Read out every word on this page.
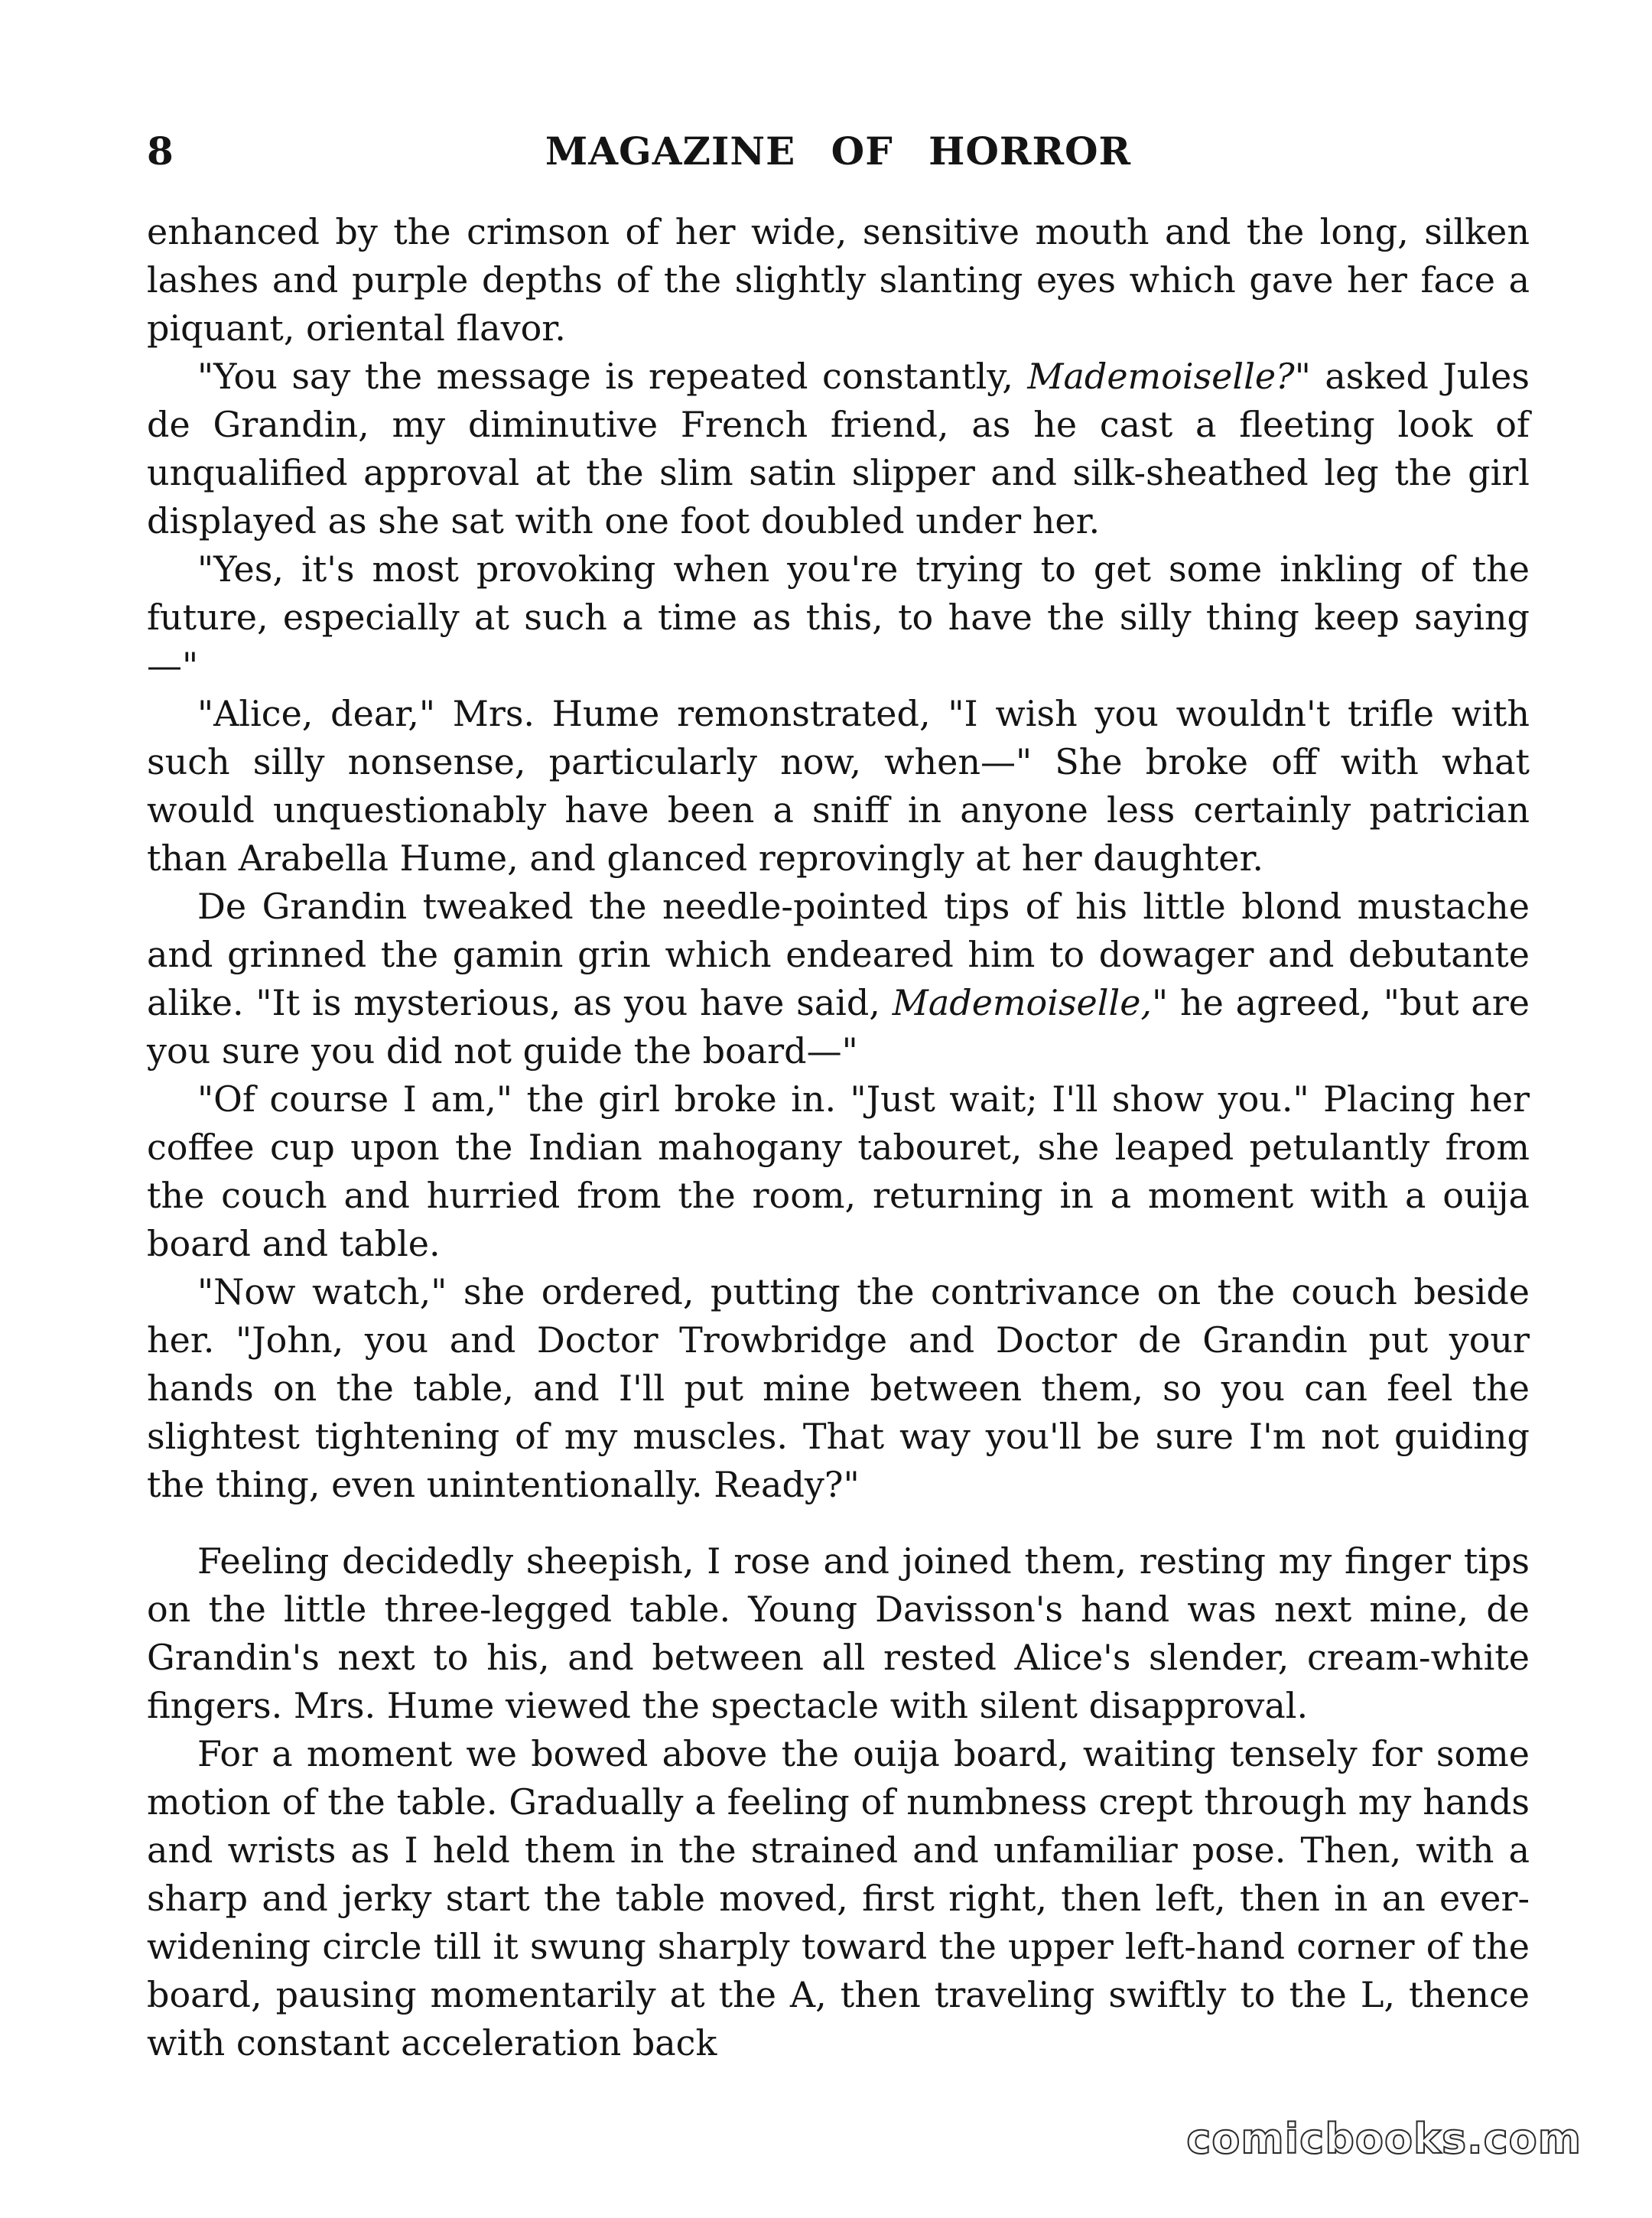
8	MAGAZINE OF HORROR

enhanced by the crimson of her wide, sensitive mouth and the long, silken lashes and purple depths of the slightly slanting eyes which gave her face a piquant, oriental flavor.

"You say the message is repeated constantly, Mademoiselle?" asked Jules de Grandin, my diminutive French friend, as he cast a fleeting look of unqualified approval at the slim satin slipper and silk-sheathed leg the girl displayed as she sat with one foot doubled under her.

"Yes, it's most provoking when you're trying to get some inkling of the future, especially at such a time as this, to have the silly thing keep saying—"

"Alice, dear," Mrs. Hume remonstrated, "I wish you wouldn't trifle with such silly nonsense, particularly now, when—" She broke off with what would unquestionably have been a sniff in anyone less certainly patrician than Arabella Hume, and glanced reprovingly at her daughter.

De Grandin tweaked the needle-pointed tips of his little blond mustache and grinned the gamin grin which endeared him to dowager and debutante alike. "It is mysterious, as you have said, Mademoiselle," he agreed, "but are you sure you did not guide the board—"

"Of course I am," the girl broke in. "Just wait; I'll show you." Placing her coffee cup upon the Indian mahogany tabouret, she leaped petulantly from the couch and hurried from the room, returning in a moment with a ouija board and table.

"Now watch," she ordered, putting the contrivance on the couch beside her. "John, you and Doctor Trowbridge and Doctor de Grandin put your hands on the table, and I'll put mine between them, so you can feel the slightest tightening of my muscles. That way you'll be sure I'm not guiding the thing, even unintentionally. Ready?"

Feeling decidedly sheepish, I rose and joined them, resting my finger tips on the little three-legged table. Young Davisson's hand was next mine, de Grandin's next to his, and between all rested Alice's slender, cream-white fingers. Mrs. Hume viewed the spectacle with silent disapproval.

For a moment we bowed above the ouija board, waiting tensely for some motion of the table. Gradually a feeling of numbness crept through my hands and wrists as I held them in the strained and unfamiliar pose. Then, with a sharp and jerky start the table moved, first right, then left, then in an ever-widening circle till it swung sharply toward the upper left-hand corner of the board, pausing momentarily at the A, then traveling swiftly to the L, thence with constant acceleration back

comicbooks.com
